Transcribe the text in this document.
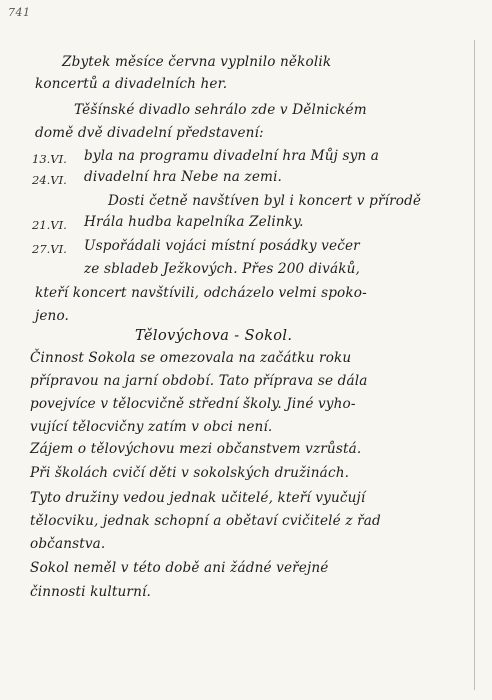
741
Zbytek měsíce června vyplnilo několik
koncertů a divadelních her.
Těšínské divadlo sehrálo zde v Dělnickém
domě dvě divadelní představení:
13.VI. byla na programu divadelní hra Můj syn a
24.VI. divadelní hra Nebe na zemi.
Dosti četně navštíven byl i koncert v přírodě
21.VI. Hrála hudba kapelníka Zelinky.
27.VI. Uspořádali vojáci místní posádky večer
ze sbladeb Ježkových. Přes 200 diváků,
kteří koncert navštívili, odcházelo velmi spoko-
jeno.
Tělovýchova - Sokol.
Činnost Sokola se omezovala na začátku roku
přípravou na jarní období. Tato příprava se dála
povejvíce v tělocvičně střední školy. Jiné vyho-
vující tělocvičny zatím v obci není.
Zájem o tělovýchovu mezi občanstvem vzrůstá.
Při školách cvičí děti v sokolských družinách.
Tyto družiny vedou jednak učitelé, kteří vyučují
tělocviku, jednak schopní a obětaví cvičitelé z řad
občanstva.
Sokol neměl v této době ani žádné veřejné
činnosti kulturní.
